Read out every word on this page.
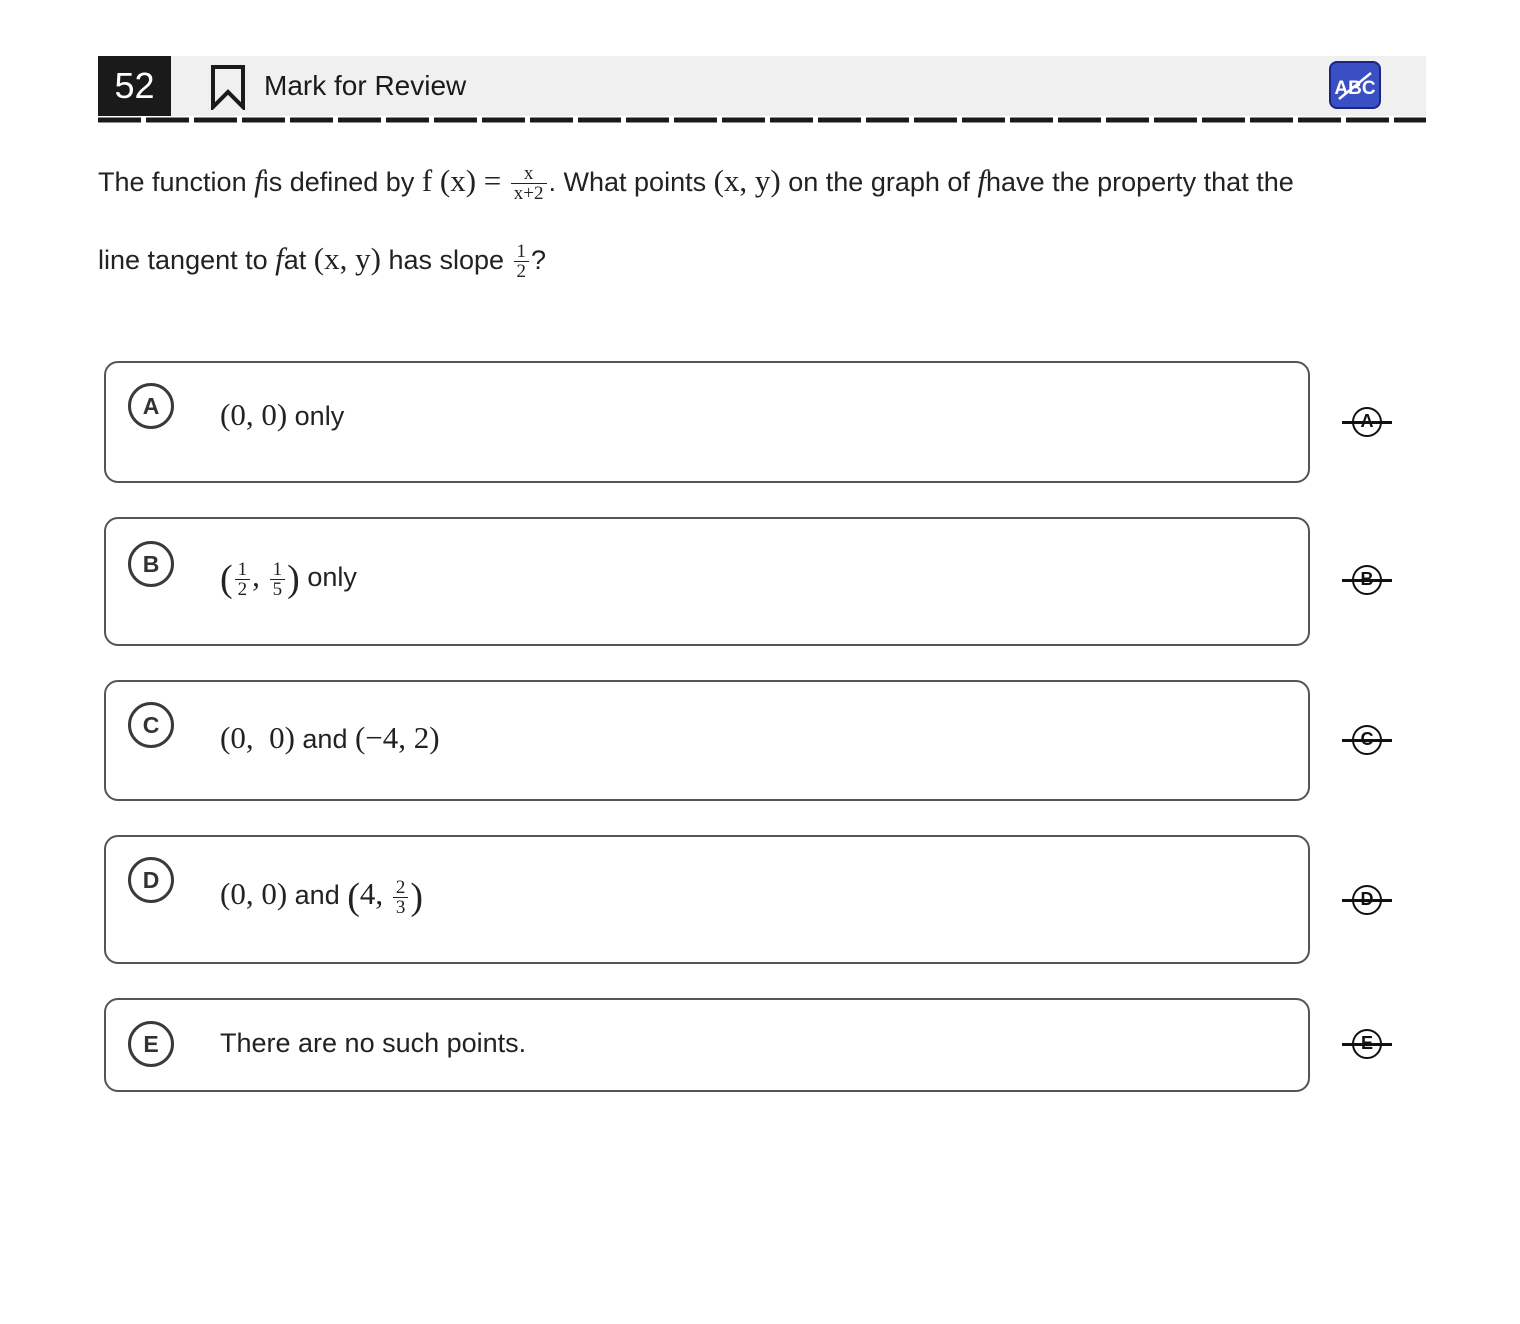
52	Mark for Review	ABC
The function fis defined by f $(x) = \frac{x}{x+2}$ . What points (x, y) on the graph of fhave the property that the
line tangent to fat (x, y) has slope $\frac{1}{2}$ ?
A	(0, 0) only
B	( $\frac{1}{2}$ , $\frac{1}{5}$ ) only
C	(0,  0) and (−4, 2)
D	(0, 0) and (4, $\frac{2}{3}$ )
E	There are no such points.
